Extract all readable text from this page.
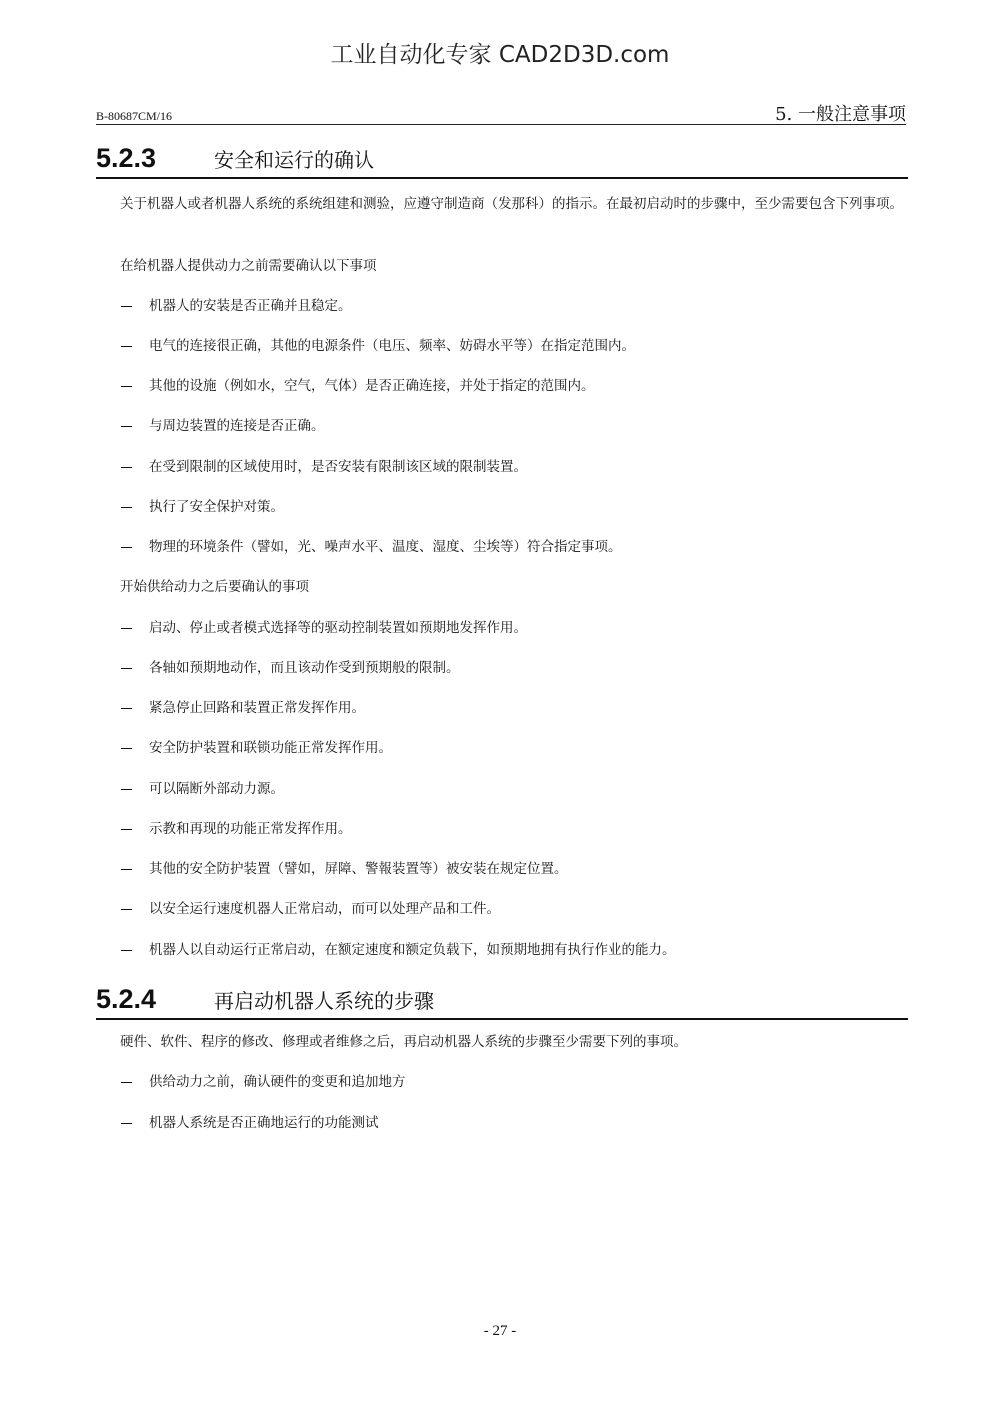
工业自动化专家 CAD2D3D.com
B-80687CM/16	5. 一般注意事项
5.2.3	安全和运行的确认
关于机器人或者机器人系统的系统组建和测验，应遵守制造商（发那科）的指示。在最初启动时的步骤中，至少需要包含下列事项。
在给机器人提供动力之前需要确认以下事项
机器人的安装是否正确并且稳定。
电气的连接很正确，其他的电源条件（电压、频率、妨碍水平等）在指定范围内。
其他的设施（例如水，空气，气体）是否正确连接，并处于指定的范围内。
与周边装置的连接是否正确。
在受到限制的区域使用时，是否安装有限制该区域的限制装置。
执行了安全保护对策。
物理的环境条件（譬如，光、噪声水平、温度、湿度、尘埃等）符合指定事项。
开始供给动力之后要确认的事项
启动、停止或者模式选择等的驱动控制装置如预期地发挥作用。
各轴如预期地动作，而且该动作受到预期般的限制。
紧急停止回路和装置正常发挥作用。
安全防护装置和联锁功能正常发挥作用。
可以隔断外部动力源。
示教和再现的功能正常发挥作用。
其他的安全防护装置（譬如，屏障、警報装置等）被安装在规定位置。
以安全运行速度机器人正常启动，而可以处理产品和工件。
机器人以自动运行正常启动，在额定速度和额定负载下，如预期地拥有执行作业的能力。
5.2.4	再启动机器人系统的步骤
硬件、软件、程序的修改、修理或者维修之后，再启动机器人系统的步骤至少需要下列的事项。
供给动力之前，确认硬件的变更和追加地方
机器人系统是否正确地运行的功能测试
- 27 -
